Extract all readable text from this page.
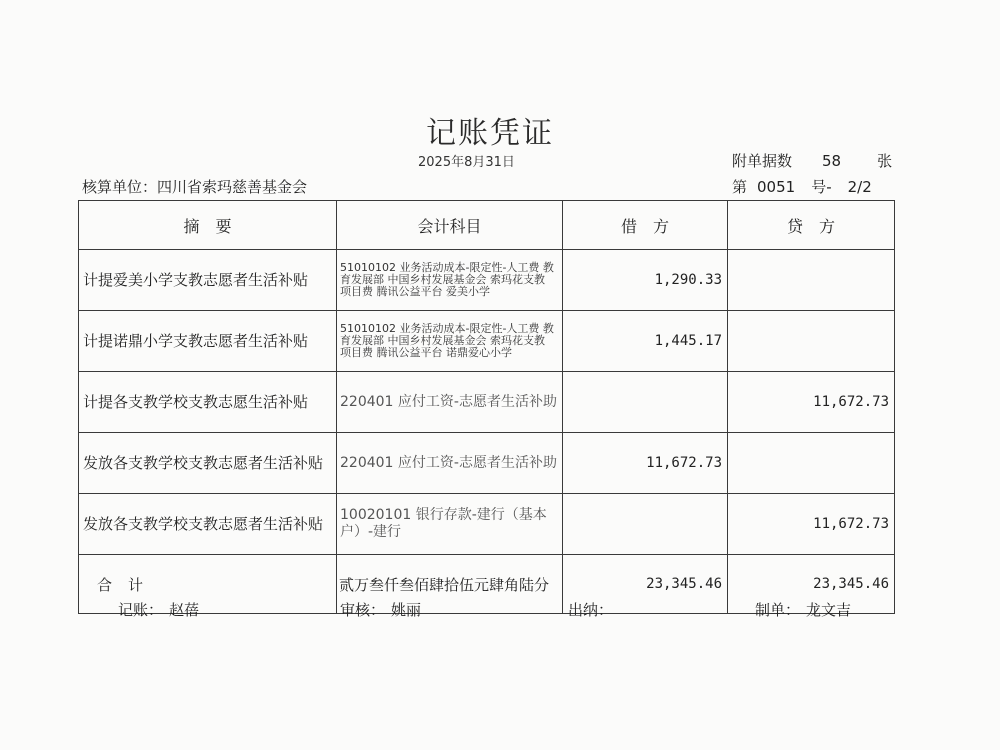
记账凭证
2025年8月31日	附单据数 58 张
核算单位：四川省索玛慈善基金会	第 0051 号- 2/2
摘　要	会计科目	借　方	贷　方
计提爱美小学支教志愿者生活补贴	51010102 业务活动成本-限定性-人工费 教育发展部 中国乡村发展基金会 索玛花支教 项目费 腾讯公益平台 爱美小学	1,290.33	
计提诺鼎小学支教志愿者生活补贴	51010102 业务活动成本-限定性-人工费 教育发展部 中国乡村发展基金会 索玛花支教 项目费 腾讯公益平台 诺鼎爱心小学	1,445.17	
计提各支教学校支教志愿生活补贴	220401 应付工资-志愿者生活补助		11,672.73
发放各支教学校支教志愿者生活补贴	220401 应付工资-志愿者生活补助	11,672.73	
发放各支教学校支教志愿者生活补贴	10020101 银行存款-建行（基本户）-建行		11,672.73
合计	贰万叁仟叁佰肆拾伍元肆角陆分	23,345.46	23,345.46
记账： 赵蓓	审核： 姚丽	出纳：	制单： 龙文吉
